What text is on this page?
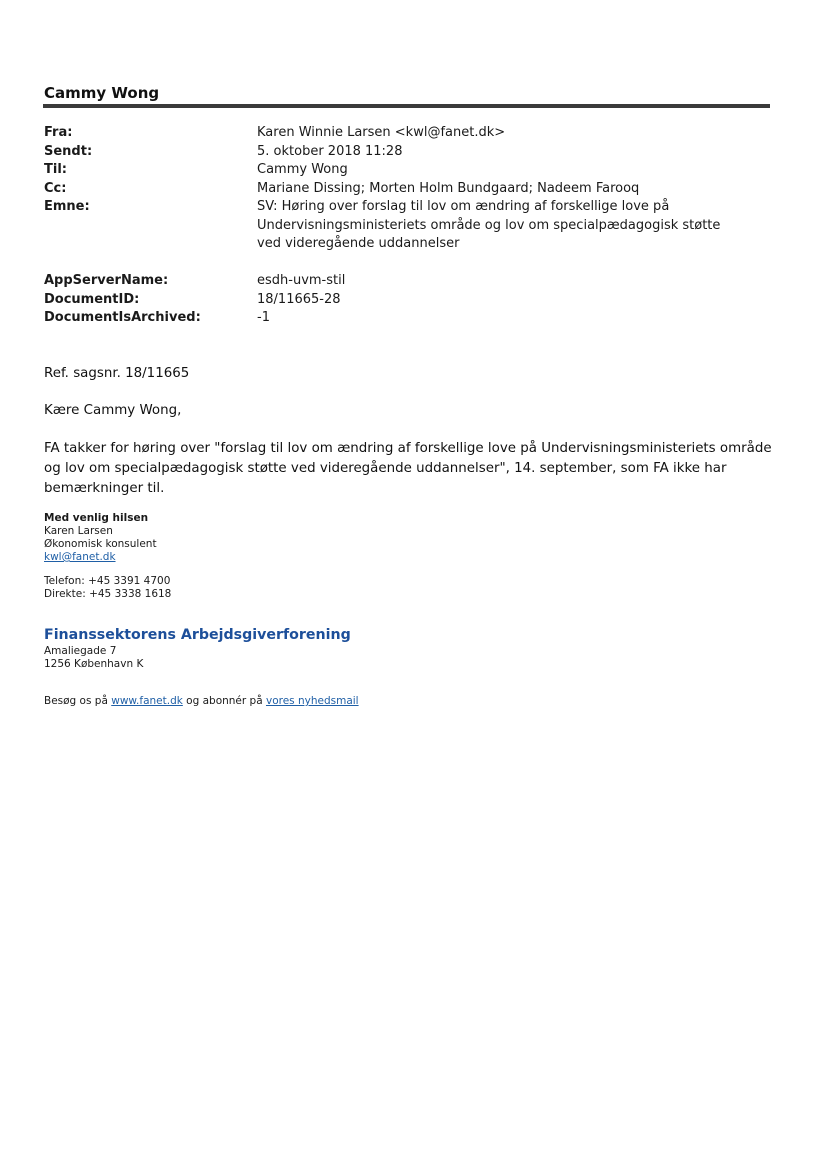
Cammy Wong
Fra:	Karen Winnie Larsen <kwl@fanet.dk>
Sendt:	5. oktober 2018 11:28
Til:	Cammy Wong
Cc:	Mariane Dissing; Morten Holm Bundgaard; Nadeem Farooq
Emne:	SV: Høring over forslag til lov om ændring af forskellige love på Undervisningsministeriets område og lov om specialpædagogisk støtte ved videregående uddannelser
AppServerName:	esdh-uvm-stil
DocumentID:	18/11665-28
DocumentIsArchived:	-1
Ref. sagsnr. 18/11665
Kære Cammy Wong,
FA takker for høring over "forslag til lov om ændring af forskellige love på Undervisningsministeriets område og lov om specialpædagogisk støtte ved videregående uddannelser", 14. september, som FA ikke har bemærkninger til.
Med venlig hilsen
Karen Larsen
Økonomisk konsulent
kwl@fanet.dk
Telefon: +45 3391 4700
Direkte: +45 3338 1618
Finanssektorens Arbejdsgiverforening
Amaliegade 7
1256 København K
Besøg os på www.fanet.dk og abonnér på vores nyhedsmail
